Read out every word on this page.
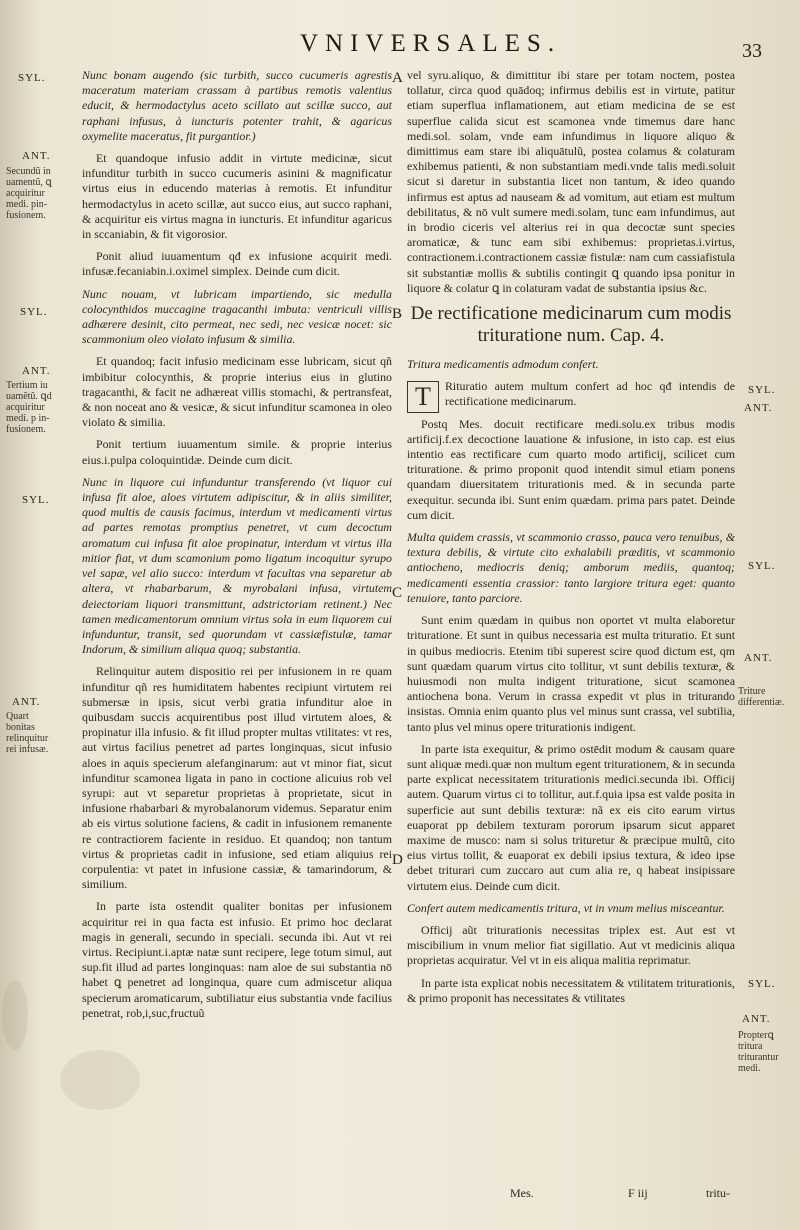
VNIVERSALES.	33
SYL.
ANT.
Secundũ in uamentũ, ꝗ acquiritur medi. pin-fusionem.
SYL.
ANT.
Tertium iu uamẽtũ. ꝗd acquiritur medi. p in-fusionem.
SYL.
ANT.
Quart bonitas relinquitur rei infusæ.
A
B
C
D
SYL.
ANT.
SYL.
ANT.
Triture differentiæ.
SYL.
ANT.
Propterꝗ tritura triturantur medi.

Nunc bonam augendo (sic turbith, succo cucumeris agrestis maceratum materiam crassam à partibus remotis valentius educit, & hermodactylus aceto scillato aut scillæ succo, aut raphani infusus, à iuncturis potenter trahit, & agaricus oxymelite maceratus, fit purgantior.)

Et quandoque infusio addit in virtute medicinæ, sicut infunditur turbith in succo cucumeris asinini & magnificatur virtus eius in educendo materias à remotis. Et infunditur hermodactylus in aceto scillæ, aut succo eius, aut succo raphani, & acquiritur eis virtus magna in iuncturis. Et infunditur agaricus in sccaniabin, & fit vigorosior.

Ponit aliud iuuamentum qđ ex infusione acquirit medi. infusæ.fecaniabin.i.oximel simplex. Deinde cum dicit.

Nunc nouam, vt lubricam impartiendo, sic medulla colocynthidos muccagine tragacanthi imbuta: ventriculi villis adhærere desinit, cito permeat, nec sedi, nec vesicæ nocet: sic scammonium oleo violato infusum & similia.

Et quandoq; facit infusio medicinam esse lubricam, sicut qñ imbibitur colocynthis, & proprie interius eius in glutino tragacanthi, & facit ne adhæreat villis stomachi, & pertransfeat, & non noceat ano & vesicæ, & sicut infunditur scamonea in oleo violato & similia.

Ponit tertium iuuamentum simile. & proprie interius eius.i.pulpa coloquintidæ. Deinde cum dicit.

Nunc in liquore cui infunduntur transferendo (vt liquor cui infusa fit aloe, aloes virtutem adipiscitur, & in aliis similiter, quod multis de causis facimus, interdum vt medicamenti virtus ad partes remotas promptius penetret, vt cum decoctum aromatum cui infusa fit aloe propinatur, interdum vt virtus illa mitior fiat, vt dum scamonium pomo ligatum incoquitur syrupo vel sapæ, vel alio succo: interdum vt facultas vna separetur ab altera, vt rhabarbarum, & myrobalani infusa, virtutem deiectoriam liquori transmittunt, adstrictoriam retinent.) Nec tamen medicamentorum omnium virtus sola in eum liquorem cui infunduntur, transit, sed quorundam vt cassiæfistulæ, tamar Indorum, & similium aliqua quoq; substantia.

Relinquitur autem dispositio rei per infusionem in re quam infunditur qñ res humiditatem habentes recipiunt virtutem rei submersæ in ipsis, sicut verbi gratia infunditur aloe in quibusdam succis acquirentibus post illud virtutem aloes, & propinatur illa infusio. & fit illud propter multas vtilitates: vt res, aut virtus facilius penetret ad partes longinquas, sicut infusio aloes in aquis specierum alefanginarum: aut vt minor fiat, sicut infunditur scamonea ligata in pano in coctione alicuius rob vel syrupi: aut vt separetur proprietas à proprietate, sicut in infusione rhabarbari & myrobalanorum videmus. Separatur enim ab eis virtus solutione faciens, & cadit in infusionem remanente re contractiorem faciente in residuo. Et quandoq; non tantum virtus & proprietas cadit in infusione, sed etiam aliquius rei corpulentia: vt patet in infusione cassiæ, & tamarindorum, & similium.

In parte ista ostendit qualiter bonitas per infusionem acquiritur rei in qua facta est infusio. Et primo hoc declarat magis in generali, secundo in speciali. secunda ibi. Aut vt rei virtus. Recipiunt.i.aptæ natæ sunt recipere, lege totum simul, aut sup.fit illud ad partes longinquas: nam aloe de sui substantia nō habet ꝗ penetret ad longinqua, quare cum admiscetur aliqua specierum aromaticarum, subtiliatur eius substantia vnde facilius penetrat, rob,i,suc,fructuũ

vel syru.aliquo, & dimittitur ibi stare per totam noctem, postea tollatur, circa quod quādoq; infirmus debilis est in virtute, patitur etiam superflua inflamationem, aut etiam medicina de se est superflue calida sicut est scamonea vnde timemus dare hanc medi.sol. solam, vnde eam infundimus in liquore aliquo & dimittimus eam stare ibi aliquātulũ, postea colamus & colaturam exhibemus patienti, & non substantiam medi.vnde talis medi.soluit sicut si daretur in substantia licet non tantum, & ideo quando infirmus est aptus ad nauseam & ad vomitum, aut etiam est multum debilitatus, & nō vult sumere medi.solam, tunc eam infundimus, aut in brodio ciceris vel alterius rei in qua decoctæ sunt species aromaticæ, & tunc eam sibi exhibemus: proprietas.i.virtus, contractionem.i.contractionem cassiæ fistulæ: nam cum cassiafistula sit substantiæ mollis & subtilis contingit ꝗ quando ipsa ponitur in liquore & colatur ꝗ in colaturam vadat de substantia ipsius &c.

De rectificatione medicinarum cum modis trituratione num. Cap. 4.

Tritura medicamentis admodum confert.

T	Rituratio autem multum confert ad hoc qđ intendis de rectificatione medicinarum.

Postq Mes. docuit rectificare medi.solu.ex tribus modis artificij.f.ex decoctione lauatione & infusione, in isto cap. est eius intentio eas rectificare cum quarto modo artificij, scilicet cum trituratione. & primo proponit quod intendit simul etiam ponens quandam diuersitatem triturationis med. & in secunda parte exequitur. secunda ibi. Sunt enim quædam. prima pars patet. Deinde cum dicit.

Multa quidem crassis, vt scammonio crasso, pauca vero tenuibus, & textura debilis, & virtute cito exhalabili præditis, vt scammonio antiocheno, mediocris deniq; amborum mediis, quantoq; medicamenti essentia crassior: tanto largiore tritura eget: quanto tenuiore, tanto parciore.

Sunt enim quædam in quibus non oportet vt multa elaboretur trituratione. Et sunt in quibus necessaria est multa trituratio. Et sunt in quibus mediocris. Etenim tibi superest scire quod dictum est, qm sunt quædam quarum virtus cito tollitur, vt sunt debilis texturæ, & huiusmodi non multa indigent trituratione, sicut scamonea antiochena bona. Verum in crassa expedit vt plus in triturando insistas. Omnia enim quanto plus vel minus sunt crassa, vel subtilia, tanto plus vel minus opere triturationis indigent.

In parte ista exequitur, & primo ostēdit modum & causam quare sunt aliquæ medi.quæ non multum egent triturationem, & in secunda parte explicat necessitatem triturationis medici.secunda ibi. Officij autem. Quarum virtus ci to tollitur, aut.f.quia ipsa est valde posita in superficie aut sunt debilis texturæ: nã ex eis cito earum virtus euaporat pp debilem texturam pororum ipsarum sicut apparet maxime de musco: nam si solus trituretur & præcipue multũ, cito eius virtus tollit, & euaporat ex debili ipsius textura, & ideo ipse debet triturari cum zuccaro aut cum alia re, q habeat insipissare virtutem eius. Deinde cum dicit.

Confert autem medicamentis tritura, vt in vnum melius misceantur.

Officij aũt triturationis necessitas triplex est. Aut est vt miscibilium in vnum melior fiat sigillatio. Aut vt medicinis aliqua proprietas acquiratur. Vel vt in eis aliqua malitia reprimatur.

In parte ista explicat nobis necessitatem & vtilitatem triturationis, & primo proponit has necessitates & vtilitates

Mes.	F iij	tritu-
